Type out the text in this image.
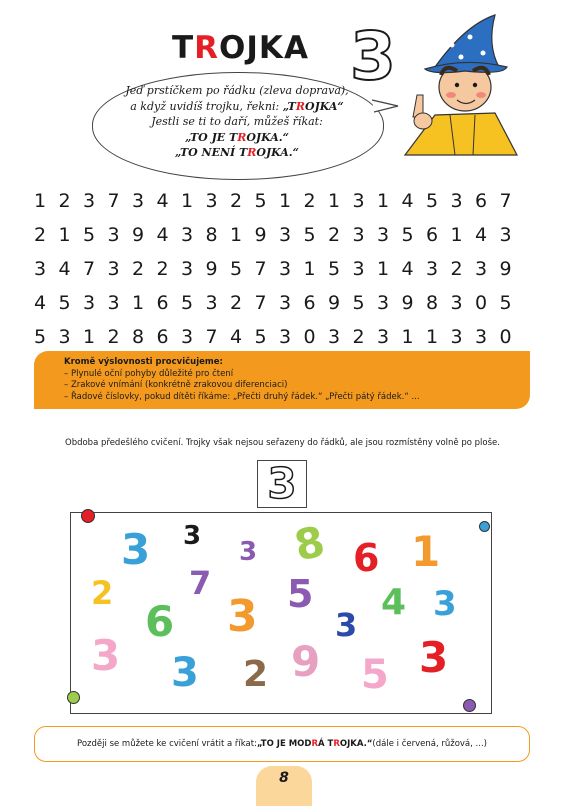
TROJKA 3
Jeď prstíčkem po řádku (zleva doprava),
a když uvidíš trojku, řekni: „TROJKA“
Jestli se ti to daří, můžeš říkat:
„TO JE TROJKA.“
„TO NENÍ TROJKA.“
1 2 3 7 3 4 1 3 2 5 1 2 1 3 1 4 5 3 6 7
2 1 5 3 9 4 3 8 1 9 3 5 2 3 3 5 6 1 4 3
3 4 7 3 2 2 3 9 5 7 3 1 5 3 1 4 3 2 3 9
4 5 3 3 1 6 5 3 2 7 3 6 9 5 3 9 8 3 0 5
5 3 1 2 8 6 3 7 4 5 3 0 3 2 3 1 1 3 3 0
Kromě výslovnosti procvičujeme:
– Plynulé oční pohyby důležité pro čtení
– Zrakové vnímání (konkrétně zrakovou diferenciaci)
– Řadové číslovky, pokud dítěti říkáme: „Přečti druhý řádek.“ „Přečti pátý řádek.“ ...
Obdoba předešlého cvičení. Trojky však nejsou seřazeny do řádků, ale jsou rozmístěny volně po ploše.
3
3 3
3 8 6 1
2 7
6 3 5
3
4 3
3 3 2 9 5 3
Později se můžete ke cvičení vrátit a říkat: „TO JE MOD R Á T R OJKA.“ (dále i červená, růžová, ...)
8
